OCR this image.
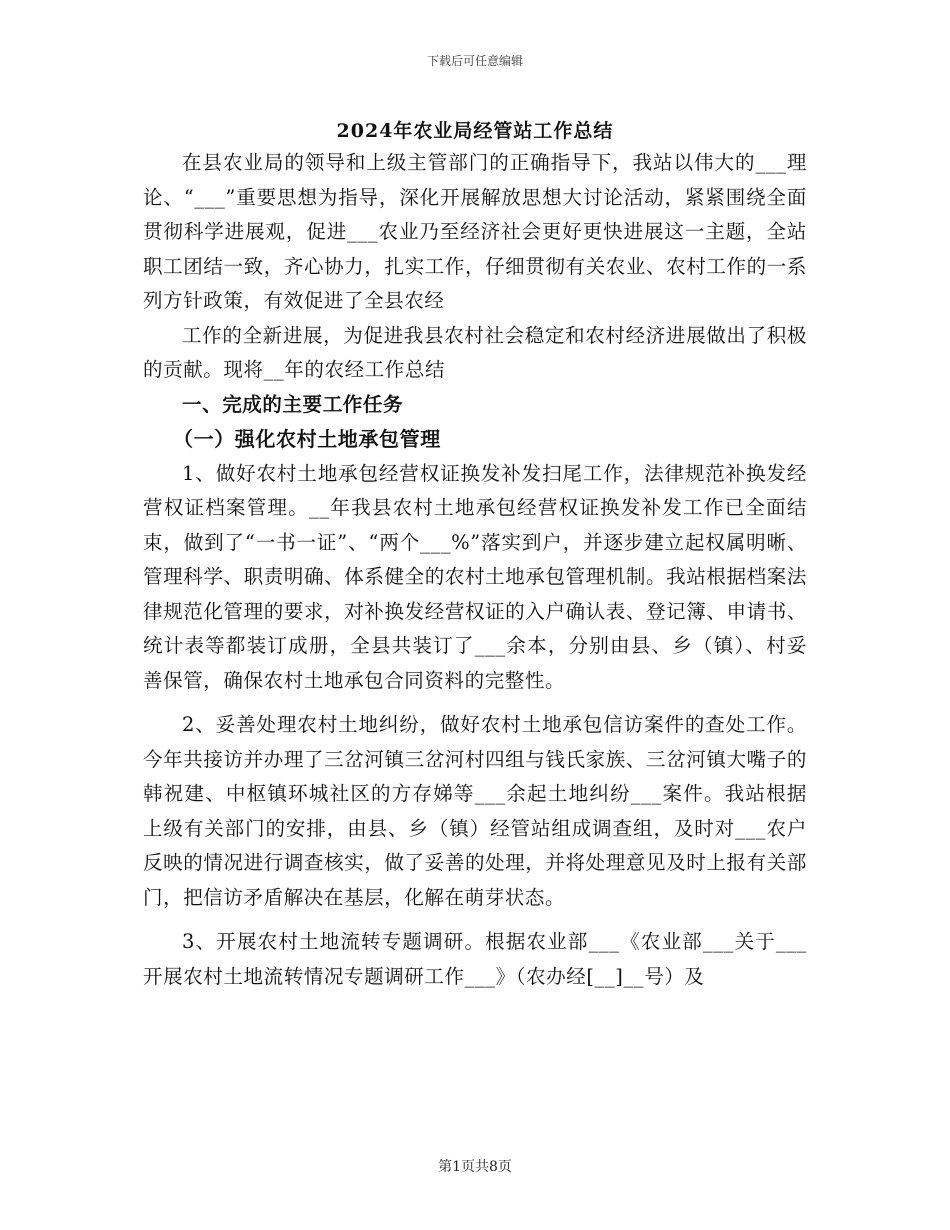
下载后可任意编辑
2024年农业局经管站工作总结

在县农业局的领导和上级主管部门的正确指导下，我站以伟大的___理论、“___”重要思想为指导，深化开展解放思想大讨论活动，紧紧围绕全面贯彻科学进展观，促进___农业乃至经济社会更好更快进展这一主题，全站职工团结一致，齐心协力，扎实工作，仔细贯彻有关农业、农村工作的一系列方针政策，有效促进了全县农经

工作的全新进展，为促进我县农村社会稳定和农村经济进展做出了积极的贡献。现将__年的农经工作总结

一、完成的主要工作任务

（一）强化农村土地承包管理

1、做好农村土地承包经营权证换发补发扫尾工作，法律规范补换发经营权证档案管理。__年我县农村土地承包经营权证换发补发工作已全面结束，做到了“一书一证”、“两个___%”落实到户，并逐步建立起权属明晰、管理科学、职责明确、体系健全的农村土地承包管理机制。我站根据档案法律规范化管理的要求，对补换发经营权证的入户确认表、登记簿、申请书、统计表等都装订成册，全县共装订了___余本，分别由县、乡（镇）、村妥善保管，确保农村土地承包合同资料的完整性。

2、妥善处理农村土地纠纷，做好农村土地承包信访案件的查处工作。今年共接访并办理了三岔河镇三岔河村四组与钱氏家族、三岔河镇大嘴子的韩祝建、中枢镇环城社区的方存娣等___余起土地纠纷___案件。我站根据上级有关部门的安排，由县、乡（镇）经管站组成调查组，及时对___农户反映的情况进行调查核实，做了妥善的处理，并将处理意见及时上报有关部门，把信访矛盾解决在基层，化解在萌芽状态。

3、开展农村土地流转专题调研。根据农业部___《农业部___关于___开展农村土地流转情况专题调研工作___》（农办经[__]__号）及

第1页共8页
